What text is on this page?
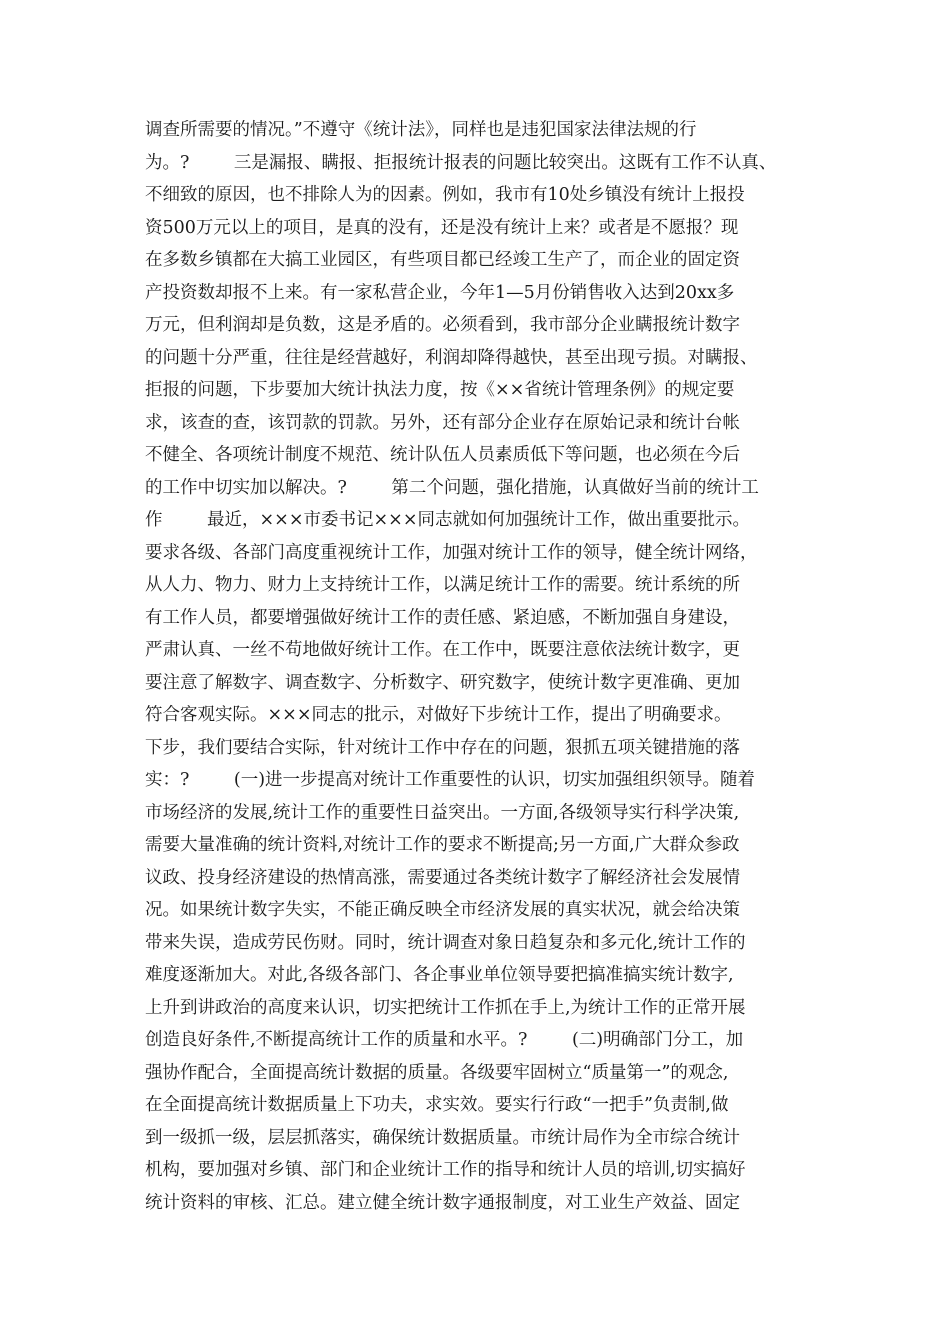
调查所需要的情况。”不遵守《统计法》，同样也是违犯国家法律法规的行
为。?        三是漏报、瞒报、拒报统计报表的问题比较突出。这既有工作不认真、
不细致的原因，也不排除人为的因素。例如，我市有10处乡镇没有统计上报投
资500万元以上的项目，是真的没有，还是没有统计上来？或者是不愿报？现
在多数乡镇都在大搞工业园区，有些项目都已经竣工生产了，而企业的固定资
产投资数却报不上来。有一家私营企业，今年1—5月份销售收入达到20xx多
万元，但利润却是负数，这是矛盾的。必须看到，我市部分企业瞒报统计数字
的问题十分严重，往往是经营越好，利润却降得越快，甚至出现亏损。对瞒报、
拒报的问题，下步要加大统计执法力度，按《××省统计管理条例》的规定要
求，该查的查，该罚款的罚款。另外，还有部分企业存在原始记录和统计台帐
不健全、各项统计制度不规范、统计队伍人员素质低下等问题，也必须在今后
的工作中切实加以解决。?        第二个问题，强化措施，认真做好当前的统计工
作        最近，×××市委书记×××同志就如何加强统计工作，做出重要批示。
要求各级、各部门高度重视统计工作，加强对统计工作的领导，健全统计网络，
从人力、物力、财力上支持统计工作，以满足统计工作的需要。统计系统的所
有工作人员，都要增强做好统计工作的责任感、紧迫感，不断加强自身建设，
严肃认真、一丝不苟地做好统计工作。在工作中，既要注意依法统计数字，更
要注意了解数字、调查数字、分析数字、研究数字，使统计数字更准确、更加
符合客观实际。×××同志的批示，对做好下步统计工作，提出了明确要求。
下步，我们要结合实际，针对统计工作中存在的问题，狠抓五项关键措施的落
实：?        (一)进一步提高对统计工作重要性的认识，切实加强组织领导。随着
市场经济的发展,统计工作的重要性日益突出。一方面,各级领导实行科学决策,
需要大量准确的统计资料,对统计工作的要求不断提高;另一方面,广大群众参政
议政、投身经济建设的热情高涨，需要通过各类统计数字了解经济社会发展情
况。如果统计数字失实，不能正确反映全市经济发展的真实状况，就会给决策
带来失误，造成劳民伤财。同时，统计调查对象日趋复杂和多元化,统计工作的
难度逐渐加大。对此,各级各部门、各企事业单位领导要把搞准搞实统计数字,
上升到讲政治的高度来认识，切实把统计工作抓在手上,为统计工作的正常开展
创造良好条件,不断提高统计工作的质量和水平。?        (二)明确部门分工，加
强协作配合，全面提高统计数据的质量。各级要牢固树立“质量第一”的观念,
在全面提高统计数据质量上下功夫，求实效。要实行行政“一把手”负责制,做
到一级抓一级，层层抓落实，确保统计数据质量。市统计局作为全市综合统计
机构，要加强对乡镇、部门和企业统计工作的指导和统计人员的培训,切实搞好
统计资料的审核、汇总。建立健全统计数字通报制度，对工业生产效益、固定
